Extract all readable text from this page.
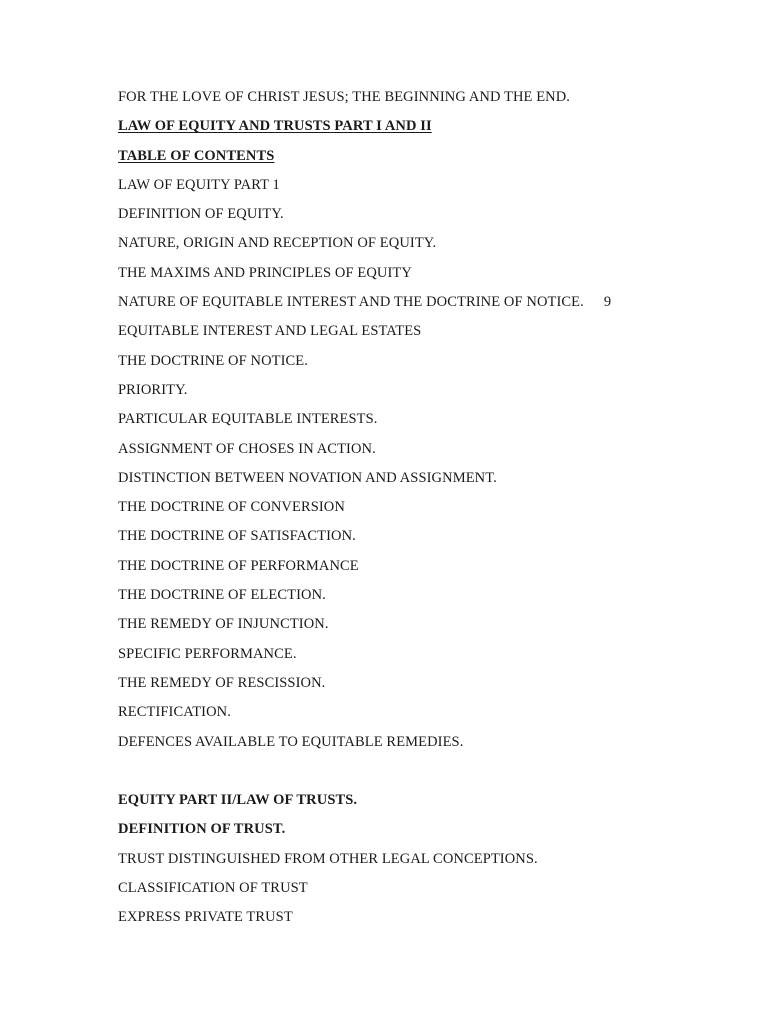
FOR THE LOVE OF CHRIST JESUS; THE BEGINNING AND THE END.
LAW OF EQUITY AND TRUSTS PART I AND II
TABLE OF CONTENTS
LAW OF EQUITY PART 1
DEFINITION OF EQUITY.
NATURE, ORIGIN AND RECEPTION OF EQUITY.
THE MAXIMS AND PRINCIPLES OF EQUITY
NATURE OF EQUITABLE INTEREST AND THE DOCTRINE OF NOTICE. 9
EQUITABLE INTEREST AND LEGAL ESTATES
THE DOCTRINE OF NOTICE.
PRIORITY.
PARTICULAR EQUITABLE INTERESTS.
ASSIGNMENT OF CHOSES IN ACTION.
DISTINCTION BETWEEN NOVATION AND ASSIGNMENT.
THE DOCTRINE OF CONVERSION
THE DOCTRINE OF SATISFACTION.
THE DOCTRINE OF PERFORMANCE
THE DOCTRINE OF ELECTION.
THE REMEDY OF INJUNCTION.
SPECIFIC PERFORMANCE.
THE REMEDY OF RESCISSION.
RECTIFICATION.
DEFENCES AVAILABLE TO EQUITABLE REMEDIES.
EQUITY PART II/LAW OF TRUSTS.
DEFINITION OF TRUST.
TRUST DISTINGUISHED FROM OTHER LEGAL CONCEPTIONS.
CLASSIFICATION OF TRUST
EXPRESS PRIVATE TRUST
